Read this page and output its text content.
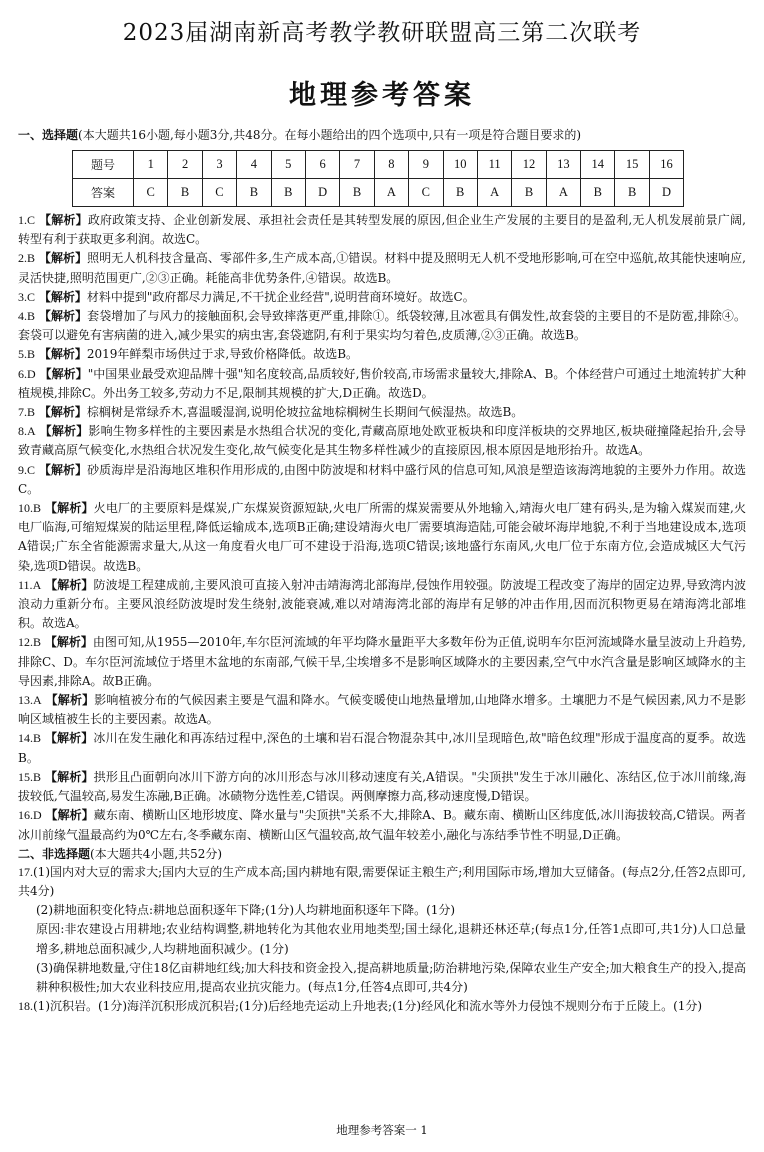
2023届湖南新高考教学教研联盟高三第二次联考
地理参考答案

一、选择题(本大题共16小题,每小题3分,共48分。在每小题给出的四个选项中,只有一项是符合题目要求的)

题号	1	2	3	4	5	6	7	8	9	10	11	12	13	14	15	16
答案	C	B	C	B	B	D	B	A	C	B	A	B	A	B	B	D

1.C 【解析】政府政策支持、企业创新发展、承担社会责任是其转型发展的原因,但企业生产发展的主要目的是盈利,无人机发展前景广阔,转型有利于获取更多利润。故选C。

2.B 【解析】照明无人机科技含量高、零部件多,生产成本高,①错误。材料中提及照明无人机不受地形影响,可在空中巡航,故其能快速响应,灵活快捷,照明范围更广,②③正确。耗能高非优势条件,④错误。故选B。

3.C 【解析】材料中提到"政府都尽力满足,不干扰企业经营",说明营商环境好。故选C。

4.B 【解析】套袋增加了与风力的接触面积,会导致摔落更严重,排除①。纸袋较薄,且冰雹具有偶发性,故套袋的主要目的不是防雹,排除④。套袋可以避免有害病菌的进入,减少果实的病虫害,套袋遮阴,有利于果实均匀着色,皮质薄,②③正确。故选B。

5.B 【解析】2019年鲜梨市场供过于求,导致价格降低。故选B。

6.D 【解析】"中国果业最受欢迎品牌十强"知名度较高,品质较好,售价较高,市场需求量较大,排除A、B。个体经营户可通过土地流转扩大种植规模,排除C。外出务工较多,劳动力不足,限制其规模的扩大,D正确。故选D。

7.B 【解析】棕榈树是常绿乔木,喜温暖湿润,说明伦坡拉盆地棕榈树生长期间气候湿热。故选B。

8.A 【解析】影响生物多样性的主要因素是水热组合状况的变化,青藏高原地处欧亚板块和印度洋板块的交界地区,板块碰撞隆起抬升,会导致青藏高原气候变化,水热组合状况发生变化,故气候变化是其生物多样性减少的直接原因,根本原因是地形抬升。故选A。

9.C 【解析】砂质海岸是沿海地区堆积作用形成的,由图中防波堤和材料中盛行风的信息可知,风浪是塑造该海湾地貌的主要外力作用。故选C。

10.B 【解析】火电厂的主要原料是煤炭,广东煤炭资源短缺,火电厂所需的煤炭需要从外地输入,靖海火电厂建有码头,是为输入煤炭而建,火电厂临海,可缩短煤炭的陆运里程,降低运输成本,选项B正确;建设靖海火电厂需要填海造陆,可能会破坏海岸地貌,不利于当地建设成本,选项A错误;广东全省能源需求量大,从这一角度看火电厂可不建设于沿海,选项C错误;该地盛行东南风,火电厂位于东南方位,会造成城区大气污染,选项D错误。故选B。

11.A 【解析】防波堤工程建成前,主要风浪可直接入射冲击靖海湾北部海岸,侵蚀作用较强。防波堤工程改变了海岸的固定边界,导致湾内波浪动力重新分布。主要风浪经防波堤时发生绕射,波能衰减,难以对靖海湾北部的海岸有足够的冲击作用,因而沉积物更易在靖海湾北部堆积。故选A。

12.B 【解析】由图可知,从1955—2010年,车尔臣河流域的年平均降水量距平大多数年份为正值,说明车尔臣河流域降水量呈波动上升趋势,排除C、D。车尔臣河流域位于塔里木盆地的东南部,气候干旱,尘埃增多不是影响区域降水的主要因素,空气中水汽含量是影响区域降水的主导因素,排除A。故B正确。

13.A 【解析】影响植被分布的气候因素主要是气温和降水。气候变暖使山地热量增加,山地降水增多。土壤肥力不是气候因素,风力不是影响区域植被生长的主要因素。故选A。

14.B 【解析】冰川在发生融化和再冻结过程中,深色的土壤和岩石混合物混杂其中,冰川呈现暗色,故"暗色纹理"形成于温度高的夏季。故选B。

15.B 【解析】拱形且凸面朝向冰川下游方向的冰川形态与冰川移动速度有关,A错误。"尖顶拱"发生于冰川融化、冻结区,位于冰川前缘,海拔较低,气温较高,易发生冻融,B正确。冰碛物分选性差,C错误。两侧摩擦力高,移动速度慢,D错误。

16.D 【解析】藏东南、横断山区地形坡度、降水量与"尖顶拱"关系不大,排除A、B。藏东南、横断山区纬度低,冰川海拔较高,C错误。两者冰川前缘气温最高约为0℃左右,冬季藏东南、横断山区气温较高,故气温年较差小,融化与冻结季节性不明显,D正确。

二、非选择题(本大题共4小题,共52分)

17.(1)国内对大豆的需求大;国内大豆的生产成本高;国内耕地有限,需要保证主粮生产;利用国际市场,增加大豆储备。(每点2分,任答2点即可,共4分)

(2)耕地面积变化特点:耕地总面积逐年下降;(1分)人均耕地面积逐年下降。(1分)

原因:非农建设占用耕地;农业结构调整,耕地转化为其他农业用地类型;国土绿化,退耕还林还草;(每点1分,任答1点即可,共1分)人口总量增多,耕地总面积减少,人均耕地面积减少。(1分)

(3)确保耕地数量,守住18亿亩耕地红线;加大科技和资金投入,提高耕地质量;防治耕地污染,保障农业生产安全;加大粮食生产的投入,提高耕种积极性;加大农业科技应用,提高农业抗灾能力。(每点1分,任答4点即可,共4分)

18.(1)沉积岩。(1分)海洋沉积形成沉积岩;(1分)后经地壳运动上升地表;(1分)经风化和流水等外力侵蚀不规则分布于丘陵上。(1分)

地理参考答案一 1
